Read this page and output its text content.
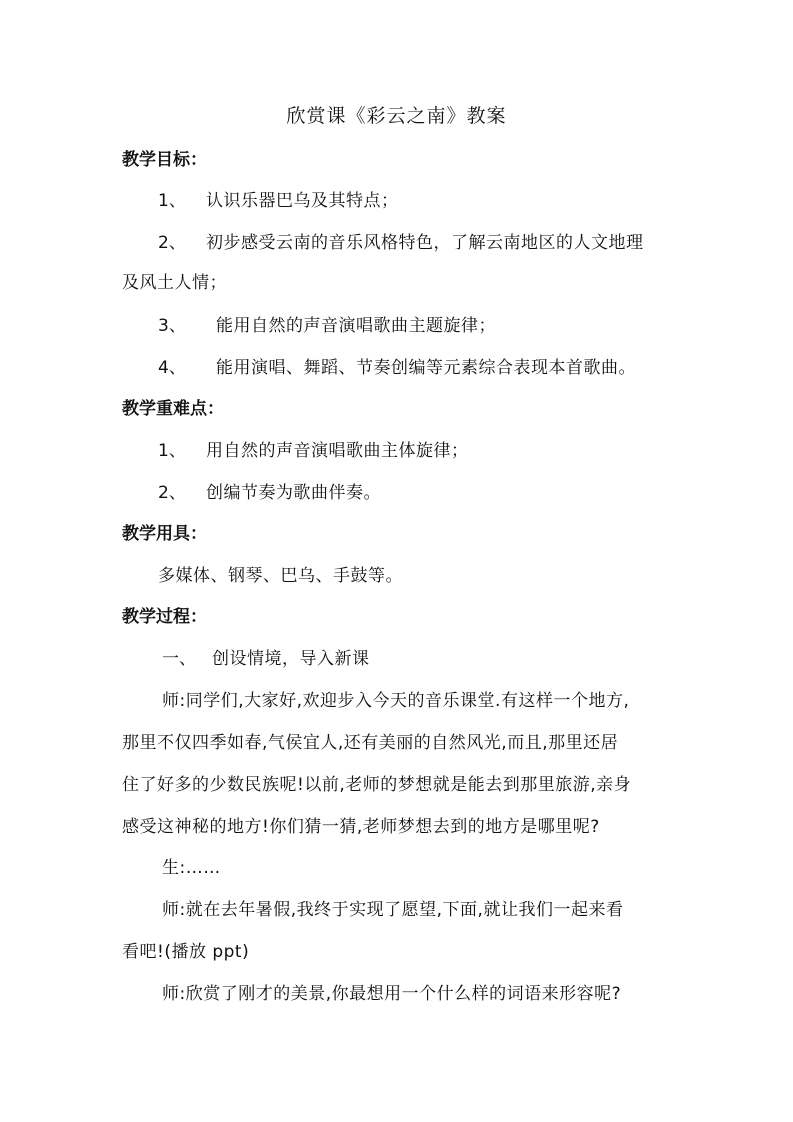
欣赏课《彩云之南》教案
教学目标：
1、 认识乐器巴乌及其特点；
2、 初步感受云南的音乐风格特色，了解云南地区的人文地理
及风土人情；
3、 能用自然的声音演唱歌曲主题旋律；
4、 能用演唱、舞蹈、节奏创编等元素综合表现本首歌曲。
教学重难点：
1、 用自然的声音演唱歌曲主体旋律；
2、 创编节奏为歌曲伴奏。
教学用具：
多媒体、钢琴、巴乌、手鼓等。
教学过程：
一、 创设情境，导入新课
师:同学们,大家好,欢迎步入今天的音乐课堂.有这样一个地方,
那里不仅四季如春,气侯宜人,还有美丽的自然风光,而且,那里还居
住了好多的少数民族呢!以前,老师的梦想就是能去到那里旅游,亲身
感受这神秘的地方!你们猜一猜,老师梦想去到的地方是哪里呢?
生:……
师:就在去年暑假,我终于实现了愿望,下面,就让我们一起来看
看吧!(播放 ppt)
师:欣赏了刚才的美景,你最想用一个什么样的词语来形容呢?
